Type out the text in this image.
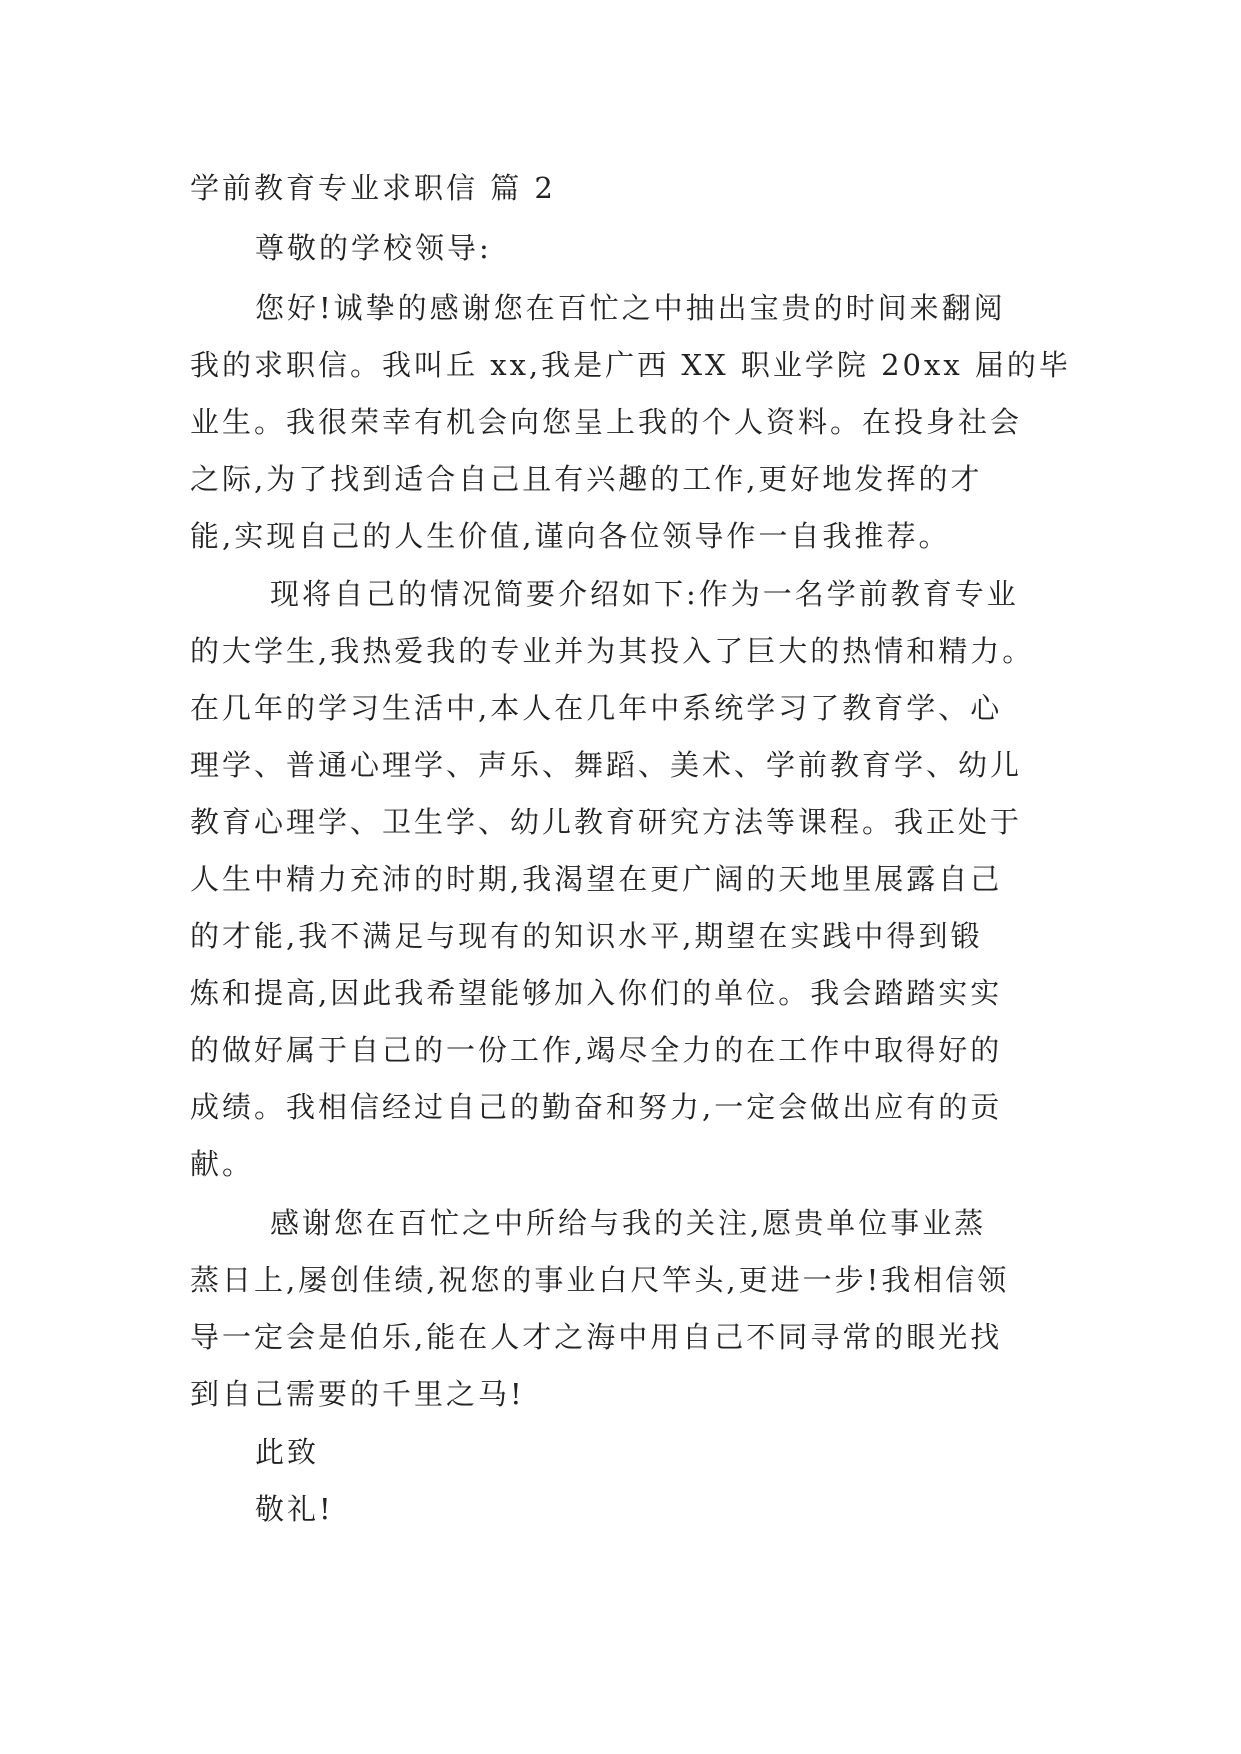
学前教育专业求职信 篇 2
尊敬的学校领导:
您好!诚挚的感谢您在百忙之中抽出宝贵的时间来翻阅
我的求职信。我叫丘 xx,我是广西 XX 职业学院 20xx 届的毕
业生。我很荣幸有机会向您呈上我的个人资料。在投身社会
之际,为了找到适合自己且有兴趣的工作,更好地发挥的才
能,实现自己的人生价值,谨向各位领导作一自我推荐。
现将自己的情况简要介绍如下:作为一名学前教育专业
的大学生,我热爱我的专业并为其投入了巨大的热情和精力。
在几年的学习生活中,本人在几年中系统学习了教育学、心
理学、普通心理学、声乐、舞蹈、美术、学前教育学、幼儿
教育心理学、卫生学、幼儿教育研究方法等课程。我正处于
人生中精力充沛的时期,我渴望在更广阔的天地里展露自己
的才能,我不满足与现有的知识水平,期望在实践中得到锻
炼和提高,因此我希望能够加入你们的单位。我会踏踏实实
的做好属于自己的一份工作,竭尽全力的在工作中取得好的
成绩。我相信经过自己的勤奋和努力,一定会做出应有的贡
献。
感谢您在百忙之中所给与我的关注,愿贵单位事业蒸
蒸日上,屡创佳绩,祝您的事业白尺竿头,更进一步!我相信领
导一定会是伯乐,能在人才之海中用自己不同寻常的眼光找
到自己需要的千里之马!
此致
敬礼!
